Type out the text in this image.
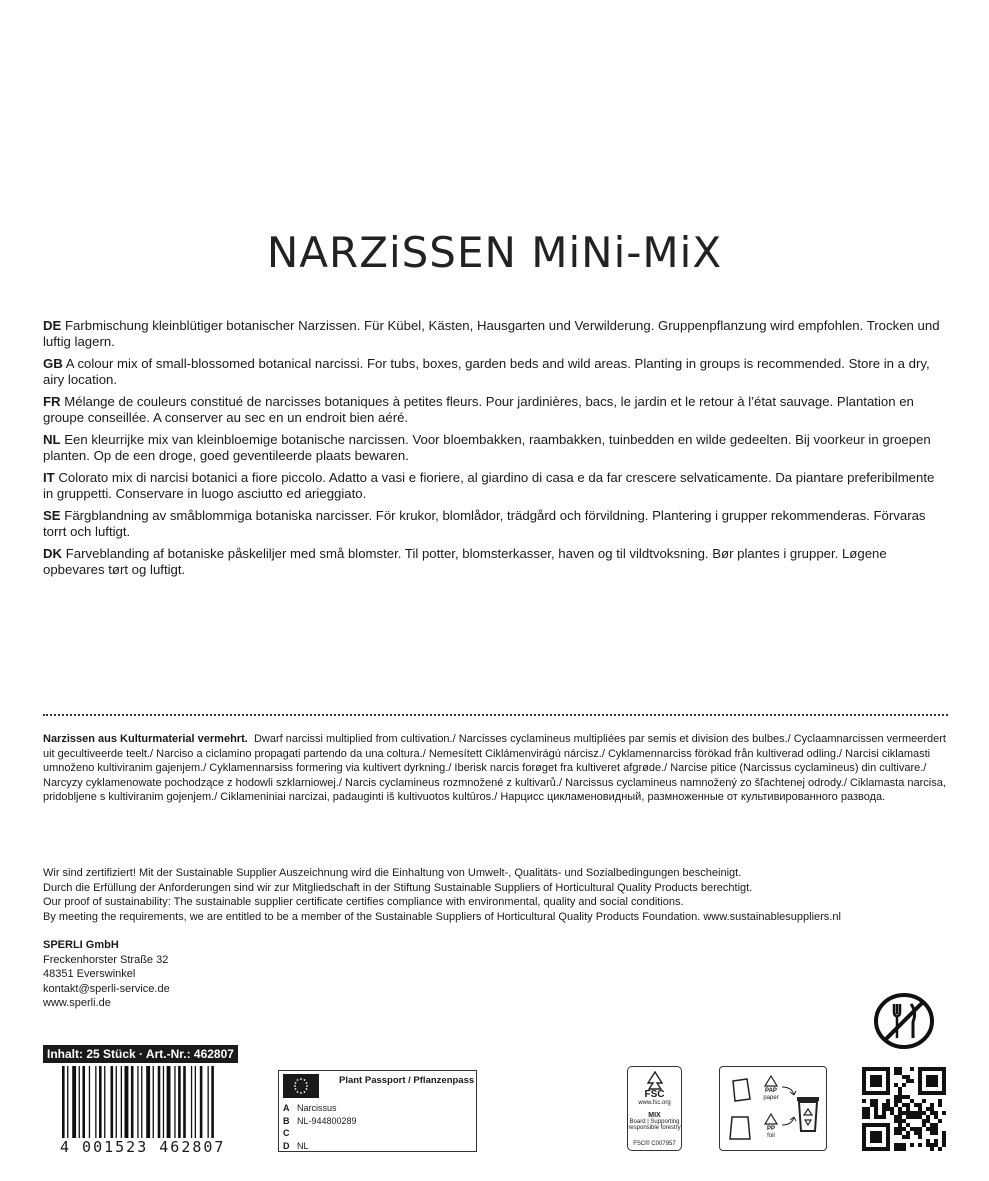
NARZiSSEN MiNi-MiX

DE Farbmischung kleinblütiger botanischer Narzissen. Für Kübel, Kästen, Hausgarten und Verwilderung. Gruppenpflanzung wird empfohlen. Trocken und luftig lagern.

GB A colour mix of small-blossomed botanical narcissi. For tubs, boxes, garden beds and wild areas. Planting in groups is recommended. Store in a dry, airy location.

FR Mélange de couleurs constitué de narcisses botaniques à petites fleurs. Pour jardinières, bacs, le jardin et le retour à l’état sauvage. Plantation en groupe conseillée. A conserver au sec en un endroit bien aéré.

NL Een kleurrijke mix van kleinbloemige botanische narcissen. Voor bloembakken, raambakken, tuinbedden en wilde gedeelten. Bij voorkeur in groepen planten. Op de een droge, goed geventileerde plaats bewaren.

IT Colorato mix di narcisi botanici a fiore piccolo. Adatto a vasi e fioriere, al giardino di casa e da far crescere selvaticamente. Da piantare preferibilmente in gruppetti. Conservare in luogo asciutto ed arieggiato.

SE Färgblandning av småblommiga botaniska narcisser. För krukor, blomlådor, trädgård och förvildning. Plantering i grupper rekommenderas. Förvaras torrt och luftigt.

DK Farveblanding af botaniske påskeliljer med små blomster. Til potter, blomsterkasser, haven og til vildtvoksning. Bør plantes i grupper. Løgene opbevares tørt og luftigt.

Narzissen aus Kulturmaterial vermehrt. Dwarf narcissi multiplied from cultivation./ Narcisses cyclamineus multipliées par semis et division des bulbes./ Cyclaamnarcissen vermeerdert uit gecultiveerde teelt./ Narciso a ciclamino propagati partendo da una coltura./ Nemesített Ciklámenvirágú nárcisz./ Cyklamennarciss förökad från kultiverad odling./ Narcisi ciklamasti umnoženo kultiviranim gajenjem./ Cyklamennarsiss formering via kultivert dyrkning./ Iberisk narcis forøget fra kultiveret afgrøde./ Narcise pitice (Narcissus cyclamineus) din cultivare./ Narcyzy cyklamenowate pochodzące z hodowli szklarniowej./ Narcis cyclamineus rozmnožené z kultivarů./ Narcissus cyclamineus namnožený zo šľachtenej odrody./ Ciklamasta narcisa, pridobljene s kultiviranim gojenjem./ Ciklameniniai narcizai, padauginti iš kultivuotos kultūros./ Нарцисс цикламеновидный, размноженные от культивированного развода.
Wir sind zertifiziert! Mit der Sustainable Supplier Auszeichnung wird die Einhaltung von Umwelt-, Qualitäts- und Sozialbedingungen bescheinigt.
Durch die Erfüllung der Anforderungen sind wir zur Mitgliedschaft in der Stiftung Sustainable Suppliers of Horticultural Quality Products berechtigt.
Our proof of sustainability: The sustainable supplier certificate certifies compliance with environmental, quality and social conditions.
By meeting the requirements, we are entitled to be a member of the Sustainable Suppliers of Horticultural Quality Products Foundation. www.sustainablesuppliers.nl
SPERLI GmbH
Freckenhorster Straße 32
48351 Everswinkel
kontakt@sperli-service.de
www.sperli.de
Inhalt: 25 Stück · Art.-Nr.: 462807
4 001523 462807
Plant Passport / Pflanzenpass
A Narcissus
B NL-944800289
C
D NL
FSC
www.fsc.org
MIX
Board | Supporting responsible forestry
FSC® C007957
PAP
paper
PP
foil
